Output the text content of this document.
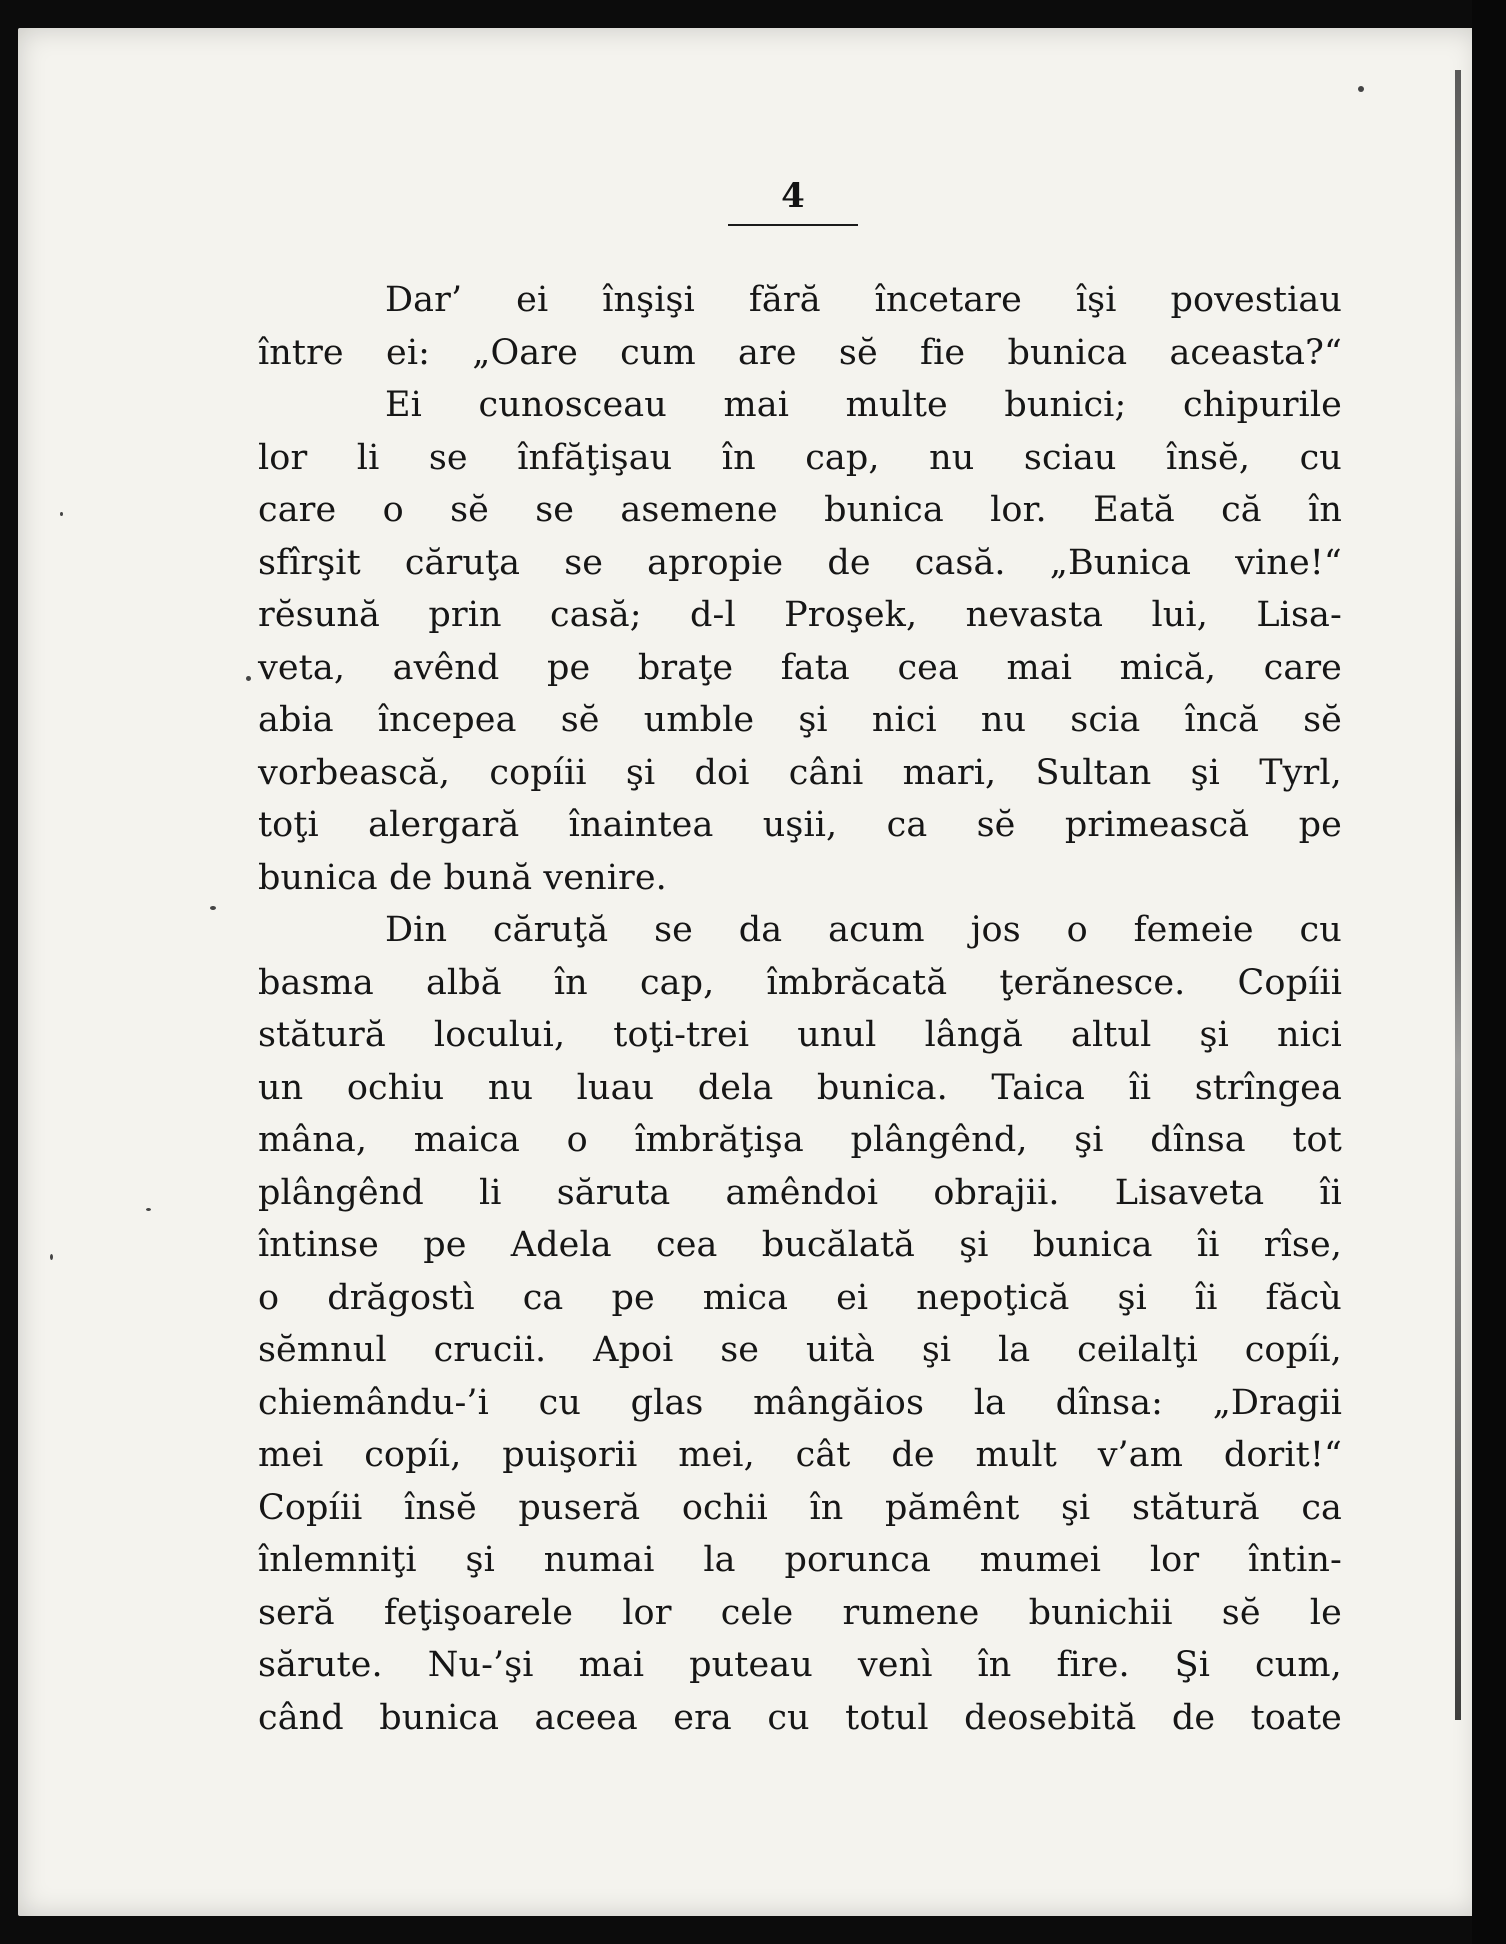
4
Dar’ ei înşişi fără încetare îşi povestiau
între ei: „Oare cum are sĕ fie bunica aceasta?“
Ei cunosceau mai multe bunici; chipurile
lor li se înfăţişau în cap, nu sciau însĕ, cu
care o sĕ se asemene bunica lor. Eată că în
sfîrşit căruţa se apropie de casă. „Bunica vine!“
rĕsună prin casă; d-l Proşek, nevasta lui, Lisa-
veta, avênd pe braţe fata cea mai mică, care
abia începea sĕ umble şi nici nu scia încă sĕ
vorbească, copíii şi doi câni mari, Sultan şi Tyrl,
toţi alergară înaintea uşii, ca sĕ primească pe
bunica de bună venire.
Din căruţă se da acum jos o femeie cu
basma albă în cap, îmbrăcată ţerănesce. Copíii
stătură locului, toţi-trei unul lângă altul şi nici
un ochiu nu luau dela bunica. Taica îi strîngea
mâna, maica o îmbrăţişa plângênd, şi dînsa tot
plângênd li săruta amêndoi obrajii. Lisaveta îi
întinse pe Adela cea bucălată şi bunica îi rîse,
o drăgostì ca pe mica ei nepoţică şi îi făcù
sĕmnul crucii. Apoi se uità şi la ceilalţi copíi,
chiemându-’i cu glas mângăios la dînsa: „Dragii
mei copíi, puişorii mei, cât de mult v’am dorit!“
Copíii însĕ puseră ochii în pămênt şi stătură ca
înlemniţi şi numai la porunca mumei lor întin-
seră feţişoarele lor cele rumene bunichii sĕ le
sărute. Nu-’şi mai puteau venì în fire. Şi cum,
când bunica aceea era cu totul deosebită de toate
